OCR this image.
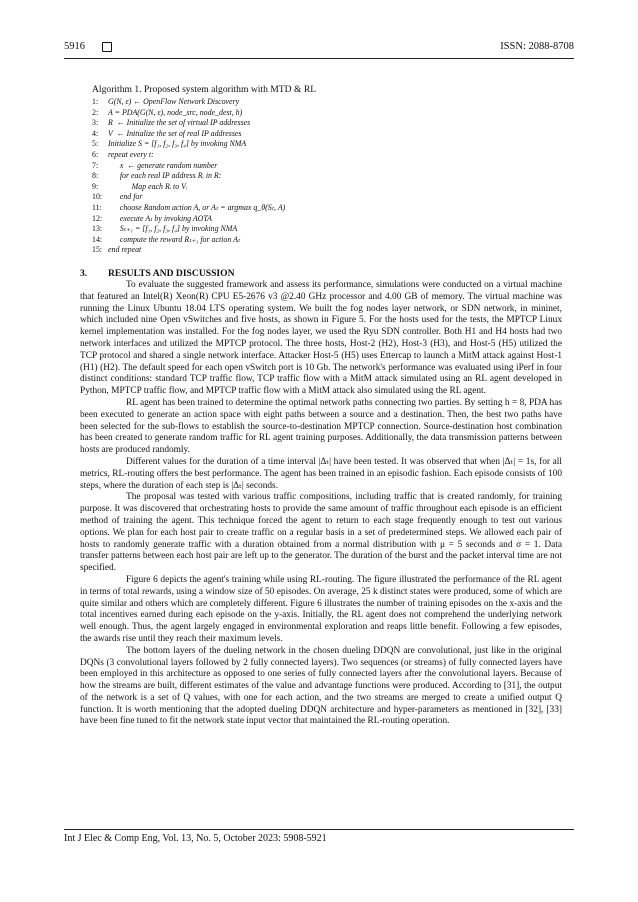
5916	ISSN: 2088-8708
Algorithm 1. Proposed system algorithm with MTD & RL
1: G(N, ε) ← OpenFlow Network Discovery
2: A = PDA(G(N, ε), node_src, node_dest, h)
3: R  ← Initialize the set of virtual IP addresses
4: V  ← Initialize the set of real IP addresses
5: Initialize S = [f₁, f₂, f₃, f₄] by invoking NMA
6: repeat every t:
7:      x  ← generate random number
8:      for each real IP address Rᵢ in R:
9:            Map each Rᵢ to Vᵢ
10:      end for
11:      choose Random action A, or Aₜ = argmax q_θ(Sₜ, A)
12:      execute Aₜ by invoking AOTA
13:      Sₜ₊₁ = [f₁, f₂, f₃, f₄] by invoking NMA
14:      compute the reward Rₜ₊₁ for action Aₜ
15: end repeat
3. RESULTS AND DISCUSSION

To evaluate the suggested framework and assess its performance, simulations were conducted on a virtual machine that featured an Intel(R) Xeon(R) CPU E5-2676 v3 @2.40 GHz processor and 4.00 GB of memory. The virtual machine was running the Linux Ubuntu 18.04 LTS operating system. We built the fog nodes layer network, or SDN network, in mininet, which included nine Open vSwitches and five hosts, as shown in Figure 5. For the hosts used for the tests, the MPTCP Linux kernel implementation was installed. For the fog nodes layer, we used the Ryu SDN controller. Both H1 and H4 hosts had two network interfaces and utilized the MPTCP protocol. The three hosts, Host-2 (H2), Host-3 (H3), and Host-5 (H5) utilized the TCP protocol and shared a single network interface. Attacker Host-5 (H5) uses Ettercap to launch a MitM attack against Host-1 (H1) (H2). The default speed for each open vSwitch port is 10 Gb. The network's performance was evaluated using iPerf in four distinct conditions: standard TCP traffic flow, TCP traffic flow with a MitM attack simulated using an RL agent developed in Python, MPTCP traffic flow, and MPTCP traffic flow with a MitM attack also simulated using the RL agent.

RL agent has been trained to determine the optimal network paths connecting two parties. By setting h = 8, PDA has been executed to generate an action space with eight paths between a source and a destination. Then, the best two paths have been selected for the sub-flows to establish the source-to-destination MPTCP connection. Source-destination host combination has been created to generate random traffic for RL agent training purposes. Additionally, the data transmission patterns between hosts are produced randomly.

Different values for the duration of a time interval |Δₜ| have been tested. It was observed that when |Δₜ| = 1s, for all metrics, RL-routing offers the best performance. The agent has been trained in an episodic fashion. Each episode consists of 100 steps, where the duration of each step is |Δₜ| seconds.

The proposal was tested with various traffic compositions, including traffic that is created randomly, for training purpose. It was discovered that orchestrating hosts to provide the same amount of traffic throughout each episode is an efficient method of training the agent. This technique forced the agent to return to each stage frequently enough to test out various options. We plan for each host pair to create traffic on a regular basis in a set of predetermined steps. We allowed each pair of hosts to randomly generate traffic with a duration obtained from a normal distribution with μ = 5 seconds and σ = 1. Data transfer patterns between each host pair are left up to the generator. The duration of the burst and the packet interval time are not specified.

Figure 6 depicts the agent's training while using RL-routing. The figure illustrated the performance of the RL agent in terms of total rewards, using a window size of 50 episodes. On average, 25 k distinct states were produced, some of which are quite similar and others which are completely different. Figure 6 illustrates the number of training episodes on the x-axis and the total incentives earned during each episode on the y-axis. Initially, the RL agent does not comprehend the underlying network well enough. Thus, the agent largely engaged in environmental exploration and reaps little benefit. Following a few episodes, the awards rise until they reach their maximum levels.

The bottom layers of the dueling network in the chosen dueling DDQN are convolutional, just like in the original DQNs (3 convolutional layers followed by 2 fully connected layers). Two sequences (or streams) of fully connected layers have been employed in this architecture as opposed to one series of fully connected layers after the convolutional layers. Because of how the streams are built, different estimates of the value and advantage functions were produced. According to [31], the output of the network is a set of Q values, with one for each action, and the two streams are merged to create a unified output Q function. It is worth mentioning that the adopted dueling DDQN architecture and hyper-parameters as mentioned in [32], [33] have been fine tuned to fit the network state input vector that maintained the RL-routing operation.

Int J Elec & Comp Eng, Vol. 13, No. 5, October 2023: 5908-5921
